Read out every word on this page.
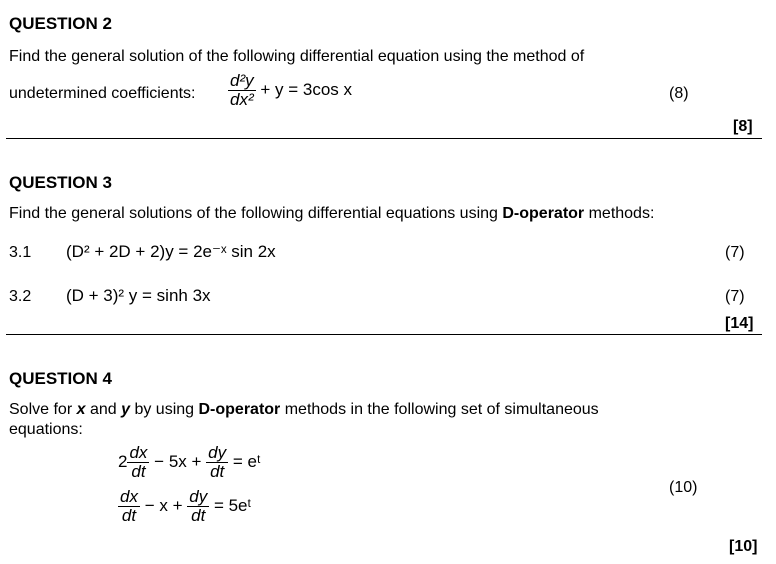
QUESTION 2
Find the general solution of the following differential equation using the method of
undetermined coefficients: $\frac{\text{d²y}}{\text{dx²}} + y = 3\cos$ x	(8)
[8]
QUESTION 3
Find the general solutions of the following differential equations using D-operator methods:
3.1 (D² + 2D + 2)y = 2e⁻ˣ sin 2x	(7)
3.2 (D + 3)² y = sinh 3x	(7)
[14]
QUESTION 4
Solve for x and y by using D-operator methods in the following set of simultaneous
equations:
$2 \frac{dx}{dt} - 5x + \frac{dy}{dt}$ = eᵗ
$\frac{dx}{dt} - x + \frac{dy}{dt}$ = 5eᵗ
(10)
[10]
